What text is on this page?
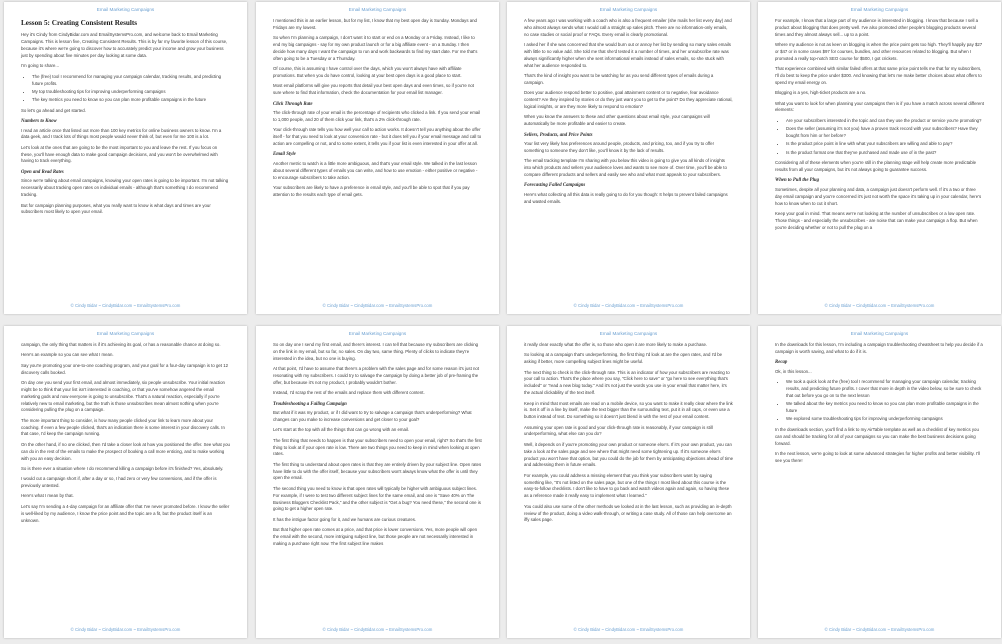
Email Marketing Campaigns
Lesson 5: Creating Consistent Results

Hey it's Cindy from CindyBidar.com and EmailSystemsPro.com, and welcome back to Email Marketing Campaigns. This is lesson five, Creating Consistent Results. This is by far my favorite lesson of this course, because it's where we're going to discover how to accurately predict your income and grow your business just by spending about five minutes per day looking at some data.

I'm going to share...

• The (free) tool I recommend for managing your campaign calendar, tracking results, and predicting future profits.
• My top troubleshooting tips for improving underperforming campaigns
• The key metrics you need to know so you can plan more profitable campaigns in the future

So let's go ahead and get started.

Numbers to Know

I read an article once that listed out more than 100 key metrics for online business owners to know. I'm a data geek, and I track lots of things most people would never think of, but even for me 100 is a lot.

Let's look at the ones that are going to be the most important to you and leave the rest. If you focus on these, you'll have enough data to make good campaign decisions, and you won't be overwhelmed with having to track everything.

Open and Read Rates

Since we're talking about email campaigns, knowing your open rates is going to be important. I'm not talking necessarily about tracking open rates on individual emails - although that's something I do recommend tracking.

But for campaign planning purposes, what you really want to know is what days and times are your subscribers most likely to open your email.

© Cindy Bidar ~ CindyBidar.com ~ EmailSystemsPro.com
Email Marketing Campaigns

I mentioned this in an earlier lesson, but for my list, I know that my best open day is Sunday. Mondays and Fridays are my lowest.

So when I'm planning a campaign, I don't want it to start or end on a Monday or a Friday. Instead, I like to end my big campaigns - say for my own product launch or for a big affiliate event - on a Sunday. I then decide how many days I want the campaign to run and work backwards to find my start date. For me that's often going to be a Tuesday or a Thursday.

Of course, this is assuming I have control over the days, which you won't always have with affiliate promotions. But when you do have control, looking at your best open days is a good place to start.

Most email platforms will give you reports that detail your best open days and even times, so if you're not sure where to find that information, check the documentation for your email list manager.

Click Through Rate

The click-through rate of your email is the percentage of recipients who clicked a link. If you send your email to 1,000 people, and 20 of them click your link, that's a 2% click-through rate.

Your click-through rate tells you how well your call to action works. It doesn't tell you anything about the offer itself - for that you need to look at your conversion rate - but it does tell you if your email message and call to action are compelling or not, and to some extent, it tells you if your list is even interested in your offer at all.

Email Style

Another metric to watch is a little more ambiguous, and that's your email style. We talked in the last lesson about several different types of emails you can write, and how to use emotion - either positive or negative - to encourage subscribers to take action.

Your subscribers are likely to have a preference in email style, and you'll be able to spot that if you pay attention to the results each type of email gets.

© Cindy Bidar ~ CindyBidar.com ~ EmailSystemsPro.com
Email Marketing Campaigns

A few years ago I was working with a coach who is also a frequent emailer (she mails her list every day) and who almost always sends what I would call a straight up sales pitch. There are no information-only emails, no case studies or social proof or FAQs. Every email is clearly promotional.

I asked her if she was concerned that she would burn out or annoy her list by sending so many sales emails with little to no value add. She told me that she'd tested it a number of times, and her unsubscribe rate was always significantly higher when she sent informational emails instead of sales emails, so she stuck with what her audience responded to.

That's the kind of insight you want to be watching for as you send different types of emails during a campaign.

Does your audience respond better to positive, goal attainment content or to negative, fear avoidance content? Are they inspired by stories or do they just want you to get to the point? Do they appreciate rational, logical insights, or are they more likely to respond to emotion?

When you know the answers to these and other questions about email style, your campaigns will automatically be more profitable and easier to create.

Sellers, Products, and Price Points

Your list very likely has preferences around people, products, and pricing, too, and if you try to offer something to someone they don't like, you'll know it by the lack of results.

The email tracking template I'm sharing with you below this video is going to give you all kinds of insights into which products and sellers your audience loves and wants to see more of. Over time, you'll be able to compare different products and sellers and easily see who and what most appeals to your subscribers.

Forecasting Failed Campaigns

Here's what collecting all this data is really going to do for you though: It helps to prevent failed campaigns and wasted emails.

© Cindy Bidar ~ CindyBidar.com ~ EmailSystemsPro.com
Email Marketing Campaigns

For example, I know that a large part of my audience is interested in blogging. I know that because I sell a product about blogging that does pretty well. I've also promoted other people's blogging products several times and they almost always sell... up to a point.

Where my audience is not as keen on blogging is when the price point gets too high. They'll happily pay $27 or $47 or in some cases $97 for courses, bundles, and other resources related to blogging. But when I promoted a really top-notch SEO course for $500, I got crickets.

That experience combined with similar failed offers at that same price point tells me that for my subscribers, I'll do best to keep the price under $300. And knowing that let's me make better choices about what offers to spend my email energy on.

Blogging is a yes, high-ticket products are a no.

What you want to look for when planning your campaigns then is if you have a match across several different elements:

• Are your subscribers interested in the topic and can they use the product or service you're promoting?
• Does the seller (assuming it's not you) have a proven track record with your subscribers? Have they bought from him or her before?
• Is the product price point in line with what your subscribers are willing and able to pay?
• Is the product format one that they've purchased and made use of in the past?

Considering all of these elements when you're still in the planning stage will help create more predictable results from all your campaigns, but it's not always going to guarantee success.

When to Pull the Plug

Sometimes, despite all your planning and data, a campaign just doesn't perform well. If it's a two or three day email campaign and you're concerned it's just not worth the space it's taking up in your calendar, here's how to know when to cut it short.

Keep your goal in mind. That means we're not looking at the number of unsubscribes or a low open rate. Those things - and especially the unsubscribes - are noise that can make your campaign a flop. But when you're deciding whether or not to pull the plug on a

© Cindy Bidar ~ CindyBidar.com ~ EmailSystemsPro.com
Email Marketing Campaigns

campaign, the only thing that matters is if it's achieving its goal, or has a reasonable chance at doing so.

Here's an example so you can see what I mean.

Say you're promoting your one-to-one coaching program, and your goal for a four-day campaign is to get 12 discovery calls booked.

On day one you send your first email, and almost immediately, six people unsubscribe. Your initial reaction might be to think that your list isn't interested in coaching, or that you've somehow angered the email marketing gods and now everyone is going to unsubscribe. That's a natural reaction, especially if you're relatively new to email marketing, but the truth is those unsubscribes mean almost nothing when you're considering pulling the plug on a campaign.

The more important thing to consider, is how many people clicked your link to learn more about your coaching. If even a few people clicked, that's an indication there is some interest in your discovery calls. In that case, I'd keep the campaign running.

On the other hand, if no one clicked, then I'd take a closer look at how you positioned the offer. See what you can do in the rest of the emails to make the prospect of booking a call more enticing, and to make working with you an easy decision.

So is there ever a situation where I do recommend killing a campaign before it's finished? Yes, absolutely.

I would cut a campaign short if, after a day or so, I had zero or very few conversions, and if the offer is previously untested.

Here's what I mean by that.

Let's say I'm sending a 4-day campaign for an affiliate offer that I've never promoted before. I know the seller is well-liked by my audience, I know the price point and the topic are a fit, but the product itself is an unknown.

© Cindy Bidar ~ CindyBidar.com ~ EmailSystemsPro.com
Email Marketing Campaigns

So on day one I send my first email, and there's interest. I can tell that because my subscribers are clicking on the link in my email, but so far, no sales. On day two, same thing. Plenty of clicks to indicate they're interested in the idea, but no one is buying.

At that point, I'd have to assume that there's a problem with the sales page and for some reason it's just not resonating with my subscribers. I could try to salvage the campaign by doing a better job of pre-framing the offer, but because it's not my product, I probably wouldn't bother.

Instead, I'd scrap the rest of the emails and replace them with different content.

Troubleshooting a Failing Campaign

But what if it was my product, or if I did want to try to salvage a campaign that's underperforming? What changes can you make to increase conversions and get closer to your goal?

Let's start at the top with all the things that can go wrong with an email.

The first thing that needs to happen is that your subscribers need to open your email, right? So that's the first thing to look at if your open rate is low. There are two things you need to keep in mind when looking at open rates.

The first thing to understand about open rates is that they are entirely driven by your subject line. Open rates have little to do with the offer itself, because your subscribers won't always know what the offer is until they open the email.

The second thing you need to know is that open rates will typically be higher with ambiguous subject lines. For example, if I were to test two different subject lines for the same email, and one is "Save 40% on The Business Bloggers Checklist Pack," and the other subject is "Get a bug? You need these," the second one is going to get a higher open rate.

It has the intrigue factor going for it, and we humans are curious creatures.

But that higher open rate comes at a price, and that price is lower conversions. Yes, more people will open the email with the second, more intriguing subject line, but those people are not necessarily interested in making a purchase right now. The first subject line makes

© Cindy Bidar ~ CindyBidar.com ~ EmailSystemsPro.com
Email Marketing Campaigns

it really clear exactly what the offer is, so those who open it are more likely to make a purchase.

So looking at a campaign that's underperforming, the first thing I'd look at are the open rates, and I'd be asking if better, more compelling subject lines might be useful.

The next thing to check is the click-through rate. This is an indicator of how your subscribers are reacting to your call to action. That's the place where you say, "Click here to save" or "go here to see everything that's included" or "read a new blog today." And it's not just the words you use in your email that matter here, it's the actual clickability of the text itself.

Keep in mind that most emails are read on a mobile device, so you want to make it really clear where the link is. Set it off in a line by itself, make the text bigger than the surrounding text, put it in all caps, or even use a button instead of text. Do something so it doesn't just blend in with the rest of your email content.

Assuming your open rate is good and your click-through rate is reasonably, if your campaign is still underperforming, what else can you do?

Well, it depends on if you're promoting your own product or someone else's. If it's your own product, you can take a look at the sales page and see where that might need some tightening up. If it's someone else's product you won't have that option, but you could do the job for them by anticipating objections ahead of time and addressing them in future emails.

For example, you could address a missing element that you think your subscribers want by saying something like, "It's not listed on the sales page, but one of the things I most liked about this course is the easy-to-follow checklists. I don't like to have to go back and watch videos again and again, so having these as a reference made it really easy to implement what I learned."

You could also use some of the other methods we looked at in the last lesson, such as providing an in-depth review of the product, doing a video walk-through, or writing a case study. All of those can help overcome an iffy sales page.

© Cindy Bidar ~ CindyBidar.com ~ EmailSystemsPro.com
Email Marketing Campaigns

In the downloads for this lesson, I'm including a campaign troubleshooting cheatsheet to help you decide if a campaign is worth saving, and what to do if it is.

Recap

Ok, in this lesson...

• We took a quick look at the (free) tool I recommend for managing your campaign calendar, tracking results, and predicting future profits. I cover that more in depth in the video below, so be sure to check that out before you go on to the next lesson
• We talked about the key metrics you need to know so you can plan more profitable campaigns in the future
• We explored some troubleshooting tips for improving underperforming campaigns

In the downloads section, you'll find a link to my AirTable template as well as a checklist of key metrics you can and should be tracking for all of your campaigns so you can make the best business decisions going forward.

In the next lesson, we're going to look at some advanced strategies for higher profits and better visibility. I'll see you there!

© Cindy Bidar ~ CindyBidar.com ~ EmailSystemsPro.com
